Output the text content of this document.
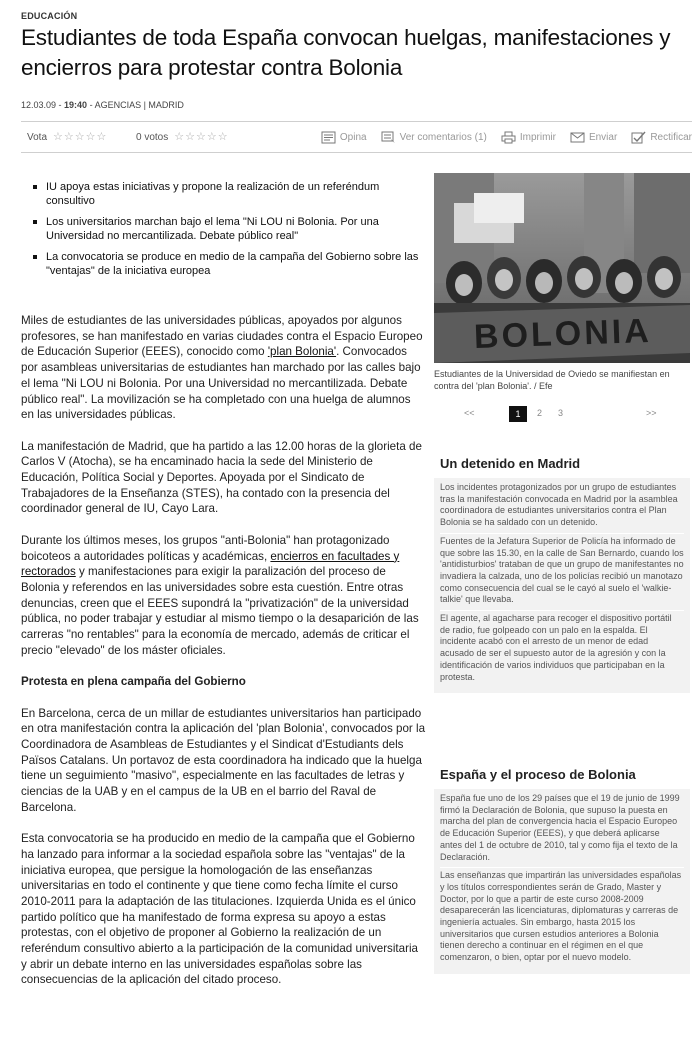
EDUCACIÓN
Estudiantes de toda España convocan huelgas, manifestaciones y encierros para protestar contra Bolonia
12.03.09 - 19:40 - AGENCIAS | MADRID
Vota ☆ ☆ ☆ ☆ ☆	0 votos ☆ ☆ ☆ ☆ ☆	Opina	Ver comentarios (1)	Imprimir	Enviar	Rectificar
IU apoya estas iniciativas y propone la realización de un referéndum consultivo
Los universitarios marchan bajo el lema "Ni LOU ni Bolonia. Por una Universidad no mercantilizada. Debate público real"
La convocatoria se produce en medio de la campaña del Gobierno sobre las "ventajas" de la iniciativa europea
BOLONIA
Estudiantes de la Universidad de Oviedo se manifiestan en contra del 'plan Bolonia'. / Efe
<<	1	2 3	>>

Miles de estudiantes de las universidades públicas, apoyados por algunos profesores, se han manifestado en varias ciudades contra el Espacio Europeo de Educación Superior (EEES), conocido como 'plan Bolonia'. Convocados por asambleas universitarias de estudiantes han marchado por las calles bajo el lema "Ni LOU ni Bolonia. Por una Universidad no mercantilizada. Debate público real". La movilización se ha completado con una huelga de alumnos en las universidades públicas.

La manifestación de Madrid, que ha partido a las 12.00 horas de la glorieta de Carlos V (Atocha), se ha encaminado hacia la sede del Ministerio de Educación, Política Social y Deportes. Apoyada por el Sindicato de Trabajadores de la Enseñanza (STES), ha contado con la presencia del coordinador general de IU, Cayo Lara.

Durante los últimos meses, los grupos "anti-Bolonia" han protagonizado boicoteos a autoridades políticas y académicas, encierros en facultades y rectorados y manifestaciones para exigir la paralización del proceso de Bolonia y referendos en las universidades sobre esta cuestión. Entre otras denuncias, creen que el EEES supondrá la "privatización" de la universidad pública, no poder trabajar y estudiar al mismo tiempo o la desaparición de las carreras "no rentables" para la economía de mercado, además de criticar el precio "elevado" de los máster oficiales.

Protesta en plena campaña del Gobierno

En Barcelona, cerca de un millar de estudiantes universitarios han participado en otra manifestación contra la aplicación del 'plan Bolonia', convocados por la Coordinadora de Asambleas de Estudiantes y el Sindicat d'Estudiants dels Països Catalans. Un portavoz de esta coordinadora ha indicado que la huelga tiene un seguimiento "masivo", especialmente en las facultades de letras y ciencias de la UAB y en el campus de la UB en el barrio del Raval de Barcelona.

Esta convocatoria se ha producido en medio de la campaña que el Gobierno ha lanzado para informar a la sociedad española sobre las "ventajas" de la iniciativa europea, que persigue la homologación de las enseñanzas universitarias en todo el continente y que tiene como fecha límite el curso 2010-2011 para la adaptación de las titulaciones. Izquierda Unida es el único partido político que ha manifestado de forma expresa su apoyo a estas protestas, con el objetivo de proponer al Gobierno la realización de un referéndum consultivo abierto a la participación de la comunidad universitaria y abrir un debate interno en las universidades españolas sobre las consecuencias de la aplicación del citado proceso.

Un detenido en Madrid

Los incidentes protagonizados por un grupo de estudiantes tras la manifestación convocada en Madrid por la asamblea coordinadora de estudiantes universitarios contra el Plan Bolonia se ha saldado con un detenido.

Fuentes de la Jefatura Superior de Policía ha informado de que sobre las 15.30, en la calle de San Bernardo, cuando los 'antidisturbios' trataban de que un grupo de manifestantes no invadiera la calzada, uno de los policías recibió un manotazo como consecuencia del cual se le cayó al suelo el 'walkie-talkie' que llevaba.

El agente, al agacharse para recoger el dispositivo portátil de radio, fue golpeado con un palo en la espalda. El incidente acabó con el arresto de un menor de edad acusado de ser el supuesto autor de la agresión y con la identificación de varios individuos que participaban en la protesta.

España y el proceso de Bolonia

España fue uno de los 29 países que el 19 de junio de 1999 firmó la Declaración de Bolonia, que supuso la puesta en marcha del plan de convergencia hacia el Espacio Europeo de Educación Superior (EEES), y que deberá aplicarse antes del 1 de octubre de 2010, tal y como fija el texto de la Declaración.

Las enseñanzas que impartirán las universidades españolas y los títulos correspondientes serán de Grado, Master y Doctor, por lo que a partir de este curso 2008-2009 desaparecerán las licenciaturas, diplomaturas y carreras de ingeniería actuales. Sin embargo, hasta 2015 los universitarios que cursen estudios anteriores a Bolonia tienen derecho a continuar en el régimen en el que comenzaron, o bien, optar por el nuevo modelo.
